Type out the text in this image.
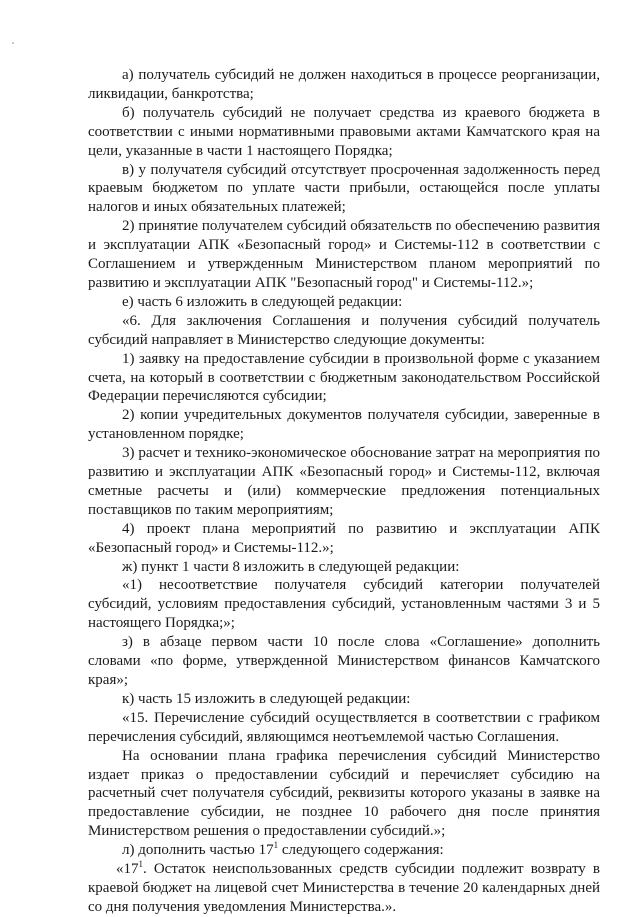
а) получатель субсидий не должен находиться в процессе реорганизации, ликвидации, банкротства;

б) получатель субсидий не получает средства из краевого бюджета в соответствии с иными нормативными правовыми актами Камчатского края на цели, указанные в части 1 настоящего Порядка;

в) у получателя субсидий отсутствует просроченная задолженность перед краевым бюджетом по уплате части прибыли, остающейся после уплаты налогов и иных обязательных платежей;

2) принятие получателем субсидий обязательств по обеспечению развития и эксплуатации АПК «Безопасный город» и Системы-112 в соответствии с Соглашением и утвержденным Министерством планом мероприятий по развитию и эксплуатации АПК "Безопасный город" и Системы-112.»;

е) часть 6 изложить в следующей редакции:

«6. Для заключения Соглашения и получения субсидий получатель субсидий направляет в Министерство следующие документы:

1) заявку на предоставление субсидии в произвольной форме с указанием счета, на который в соответствии с бюджетным законодательством Российской Федерации перечисляются субсидии;

2) копии учредительных документов получателя субсидии, заверенные в установленном порядке;

3) расчет и технико-экономическое обоснование затрат на мероприятия по развитию и эксплуатации АПК «Безопасный город» и Системы-112, включая сметные расчеты и (или) коммерческие предложения потенциальных поставщиков по таким мероприятиям;

4) проект плана мероприятий по развитию и эксплуатации АПК «Безопасный город» и Системы-112.»;

ж) пункт 1 части 8 изложить в следующей редакции:

«1) несоответствие получателя субсидий категории получателей субсидий, условиям предоставления субсидий, установленным частями 3 и 5 настоящего Порядка;»;

з) в абзаце первом части 10 после слова «Соглашение» дополнить словами «по форме, утвержденной Министерством финансов Камчатского края»;

к) часть 15 изложить в следующей редакции:

«15. Перечисление субсидий осуществляется в соответствии с графиком перечисления субсидий, являющимся неотъемлемой частью Соглашения.

На основании плана графика перечисления субсидий Министерство издает приказ о предоставлении субсидий и перечисляет субсидию на расчетный счет получателя субсидий, реквизиты которого указаны в заявке на предоставление субсидии, не позднее 10 рабочего дня после принятия Министерством решения о предоставлении субсидий.»;

л) дополнить частью $17^1$ следующего содержания:

«$17^1$. Остаток неиспользованных средств субсидии подлежит возврату в краевой бюджет на лицевой счет Министерства в течение 20 календарных дней со дня получения уведомления Министерства.».
